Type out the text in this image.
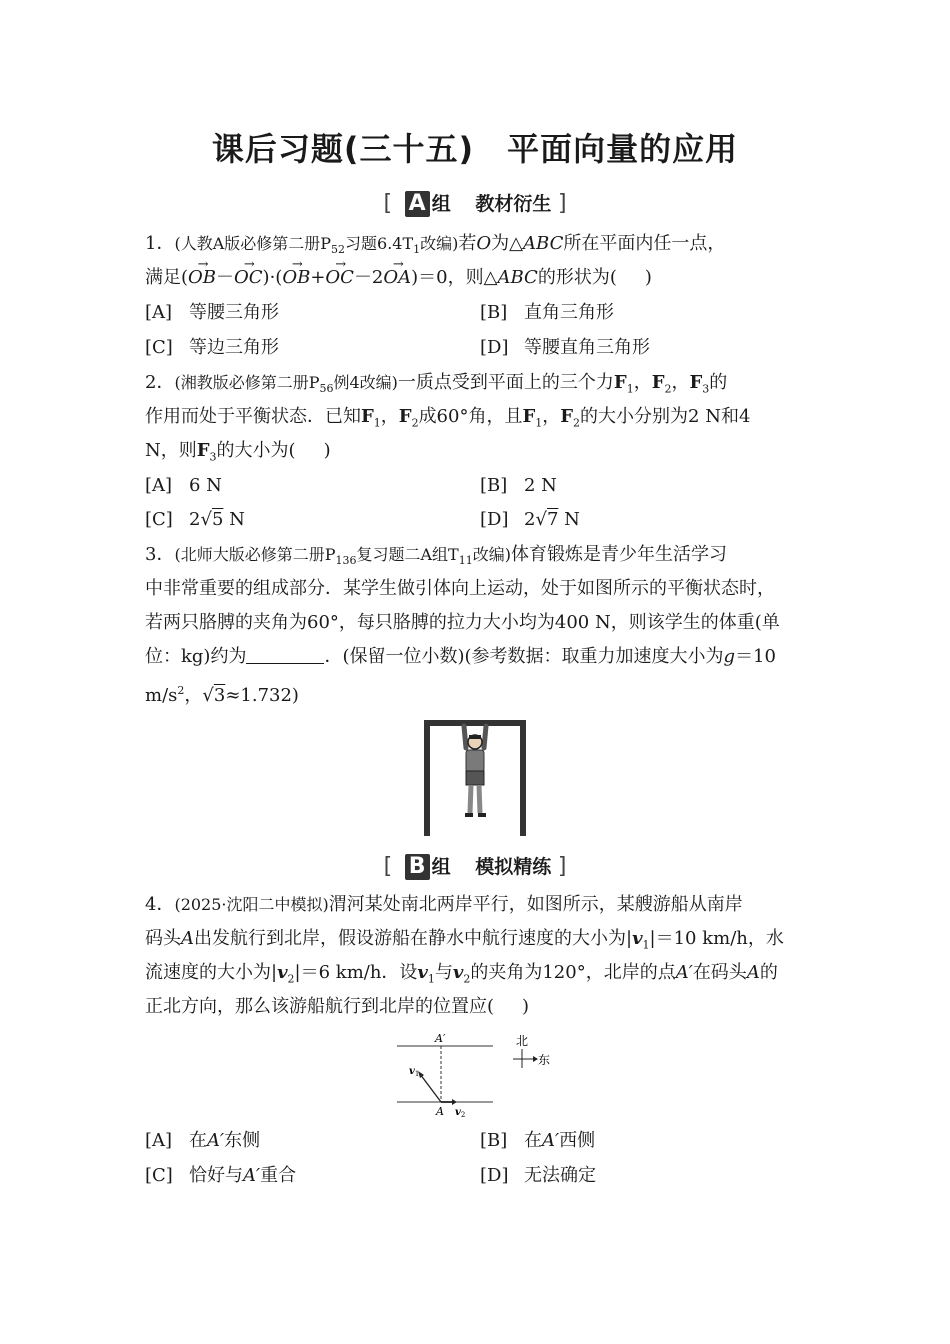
课后习题(三十五)　平面向量的应用
[ A 组 教材衍生 ]
1．(人教A版必修第二册$P_{52}$习题$6.4T_1$改编)若O为△ABC所在平面内任一点，
满足(→ OB－→ OC)·(→ OB+→ OC－2→ OA)＝0，则△ABC的形状为( )
[A] 等腰三角形	[B] 直角三角形
[C] 等边三角形	[D] 等腰直角三角形
2．(湘教版必修第二册$P_{56}$例4改编)一质点受到平面上的三个力$F_1$，$F_2$，$F_3$的
作用而处于平衡状态．已知$F_1$，$F_2$成60°角，且$F_1$，$F_2$的大小分别为2 N和4
N，则$F_3$的大小为( )
[A] 6 N	[B] 2 N
[C] 2√5 N	[D] 2√7 N
3．(北师大版必修第二册$P_{136}$复习题二A组$T_{11}$改编)体育锻炼是青少年生活学习
中非常重要的组成部分．某学生做引体向上运动，处于如图所示的平衡状态时，
若两只胳膊的夹角为60°，每只胳膊的拉力大小均为400 N，则该学生的体重(单
位：kg)约为	．(保留一位小数)(参考数据：取重力加速度大小为g＝10
$m/s^2$，√3≈1.732)
[ B 组 模拟精练 ]
4．(2025·沈阳二中模拟)渭河某处南北两岸平行，如图所示，某艘游船从南岸
码头A出发航行到北岸，假设游船在静水中航行速度的大小为$|v_1|=10$ km/h，水
流速度的大小为$|v_2|=6$ km/h．设$v_1$与$v_2$的夹角为120°，北岸的点A′在码头A的
正北方向，那么该游船航行到北岸的位置应( )
A′
A
$v_1$
$v_2$
北
东
[A] 在A′东侧	[B] 在A′西侧
[C] 恰好与A′重合	[D] 无法确定
